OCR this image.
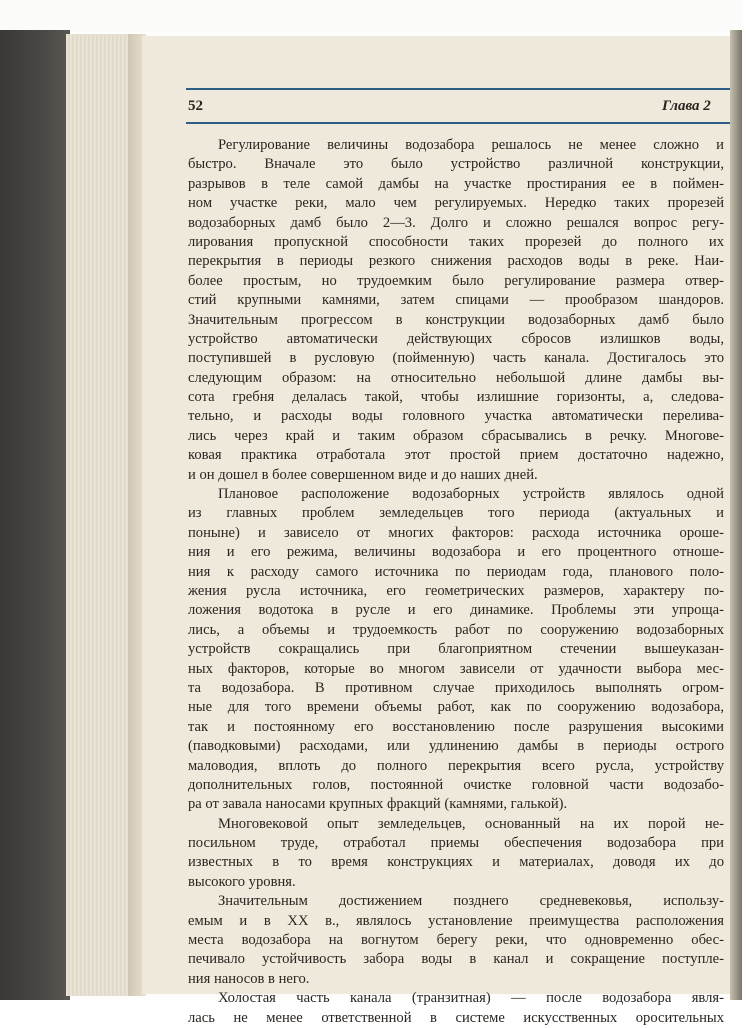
52	Глава 2
Регулирование величины водозабора решалось не менее сложно и
быстро. Вначале это было устройство различной конструкции,
разрывов в теле самой дамбы на участке простирания ее в поймен-
ном участке реки, мало чем регулируемых. Нередко таких прорезей
водозаборных дамб было 2—3. Долго и сложно решался вопрос регу-
лирования пропускной способности таких прорезей до полного их
перекрытия в периоды резкого снижения расходов воды в реке. Наи-
более простым, но трудоемким было регулирование размера отвер-
стий крупными камнями, затем спицами — прообразом шандоров.
Значительным прогрессом в конструкции водозаборных дамб было
устройство автоматически действующих сбросов излишков воды,
поступившей в русловую (пойменную) часть канала. Достигалось это
следующим образом: на относительно небольшой длине дамбы вы-
сота гребня делалась такой, чтобы излишние горизонты, а, следова-
тельно, и расходы воды головного участка автоматически перелива-
лись через край и таким образом сбрасывались в речку. Многове-
ковая практика отработала этот простой прием достаточно надежно,
и он дошел в более совершенном виде и до наших дней.
Плановое расположение водозаборных устройств являлось одной
из главных проблем земледельцев того периода (актуальных и
поныне) и зависело от многих факторов: расхода источника ороше-
ния и его режима, величины водозабора и его процентного отноше-
ния к расходу самого источника по периодам года, планового поло-
жения русла источника, его геометрических размеров, характеру по-
ложения водотока в русле и его динамике. Проблемы эти упроща-
лись, а объемы и трудоемкость работ по сооружению водозаборных
устройств сокращались при благоприятном стечении вышеуказан-
ных факторов, которые во многом зависели от удачности выбора мес-
та водозабора. В противном случае приходилось выполнять огром-
ные для того времени объемы работ, как по сооружению водозабора,
так и постоянному его восстановлению после разрушения высокими
(паводковыми) расходами, или удлинению дамбы в периоды острого
маловодия, вплоть до полного перекрытия всего русла, устройству
дополнительных голов, постоянной очистке головной части водозабо-
ра от завала наносами крупных фракций (камнями, галькой).
Многовековой опыт земледельцев, основанный на их порой не-
посильном труде, отработал приемы обеспечения водозабора при
известных в то время конструкциях и материалах, доводя их до
высокого уровня.
Значительным достижением позднего средневековья, использу-
емым и в XX в., являлось установление преимущества расположения
места водозабора на вогнутом берегу реки, что одновременно обес-
печивало устойчивость забора воды в канал и сокращение поступле-
ния наносов в него.
Холостая часть канала (транзитная) — после водозабора явля-
лась не менее ответственной в системе искусственных оросительных
